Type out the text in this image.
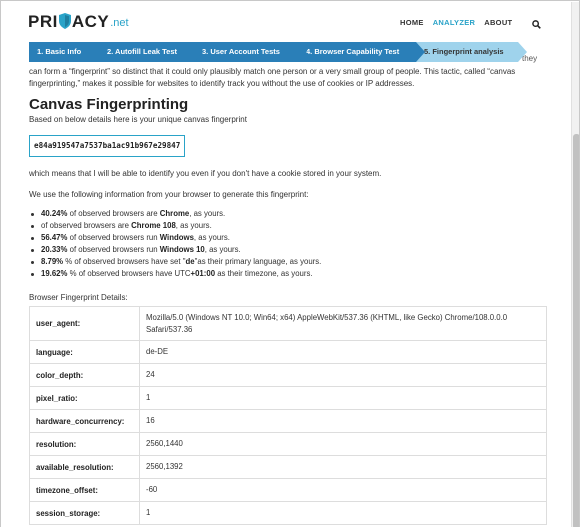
PRI ACY .net	HOME ANALYZER ABOUT
1. Basic Info	2. Autofill Leak Test	3. User Account Tests	4. Browser Capability Test	5. Fingerprint analysis
they
can form a “fingerprint” so distinct that it could only plausibly match one person or a very small group of people. This tactic, called “canvas fingerprinting,” makes it possible for websites to identify track you without the use of cookies or IP addresses.
Canvas Fingerprinting
Based on below details here is your unique canvas fingerprint
e84a919547a7537ba1ac91b967e29847
which means that I will be able to identify you even if you don't have a cookie stored in your system.
We use the following information from your browser to generate this fingerprint:
40.24% of observed browsers are Chrome, as yours.
of observed browsers are Chrome 108, as yours.
56.47% of observed browsers run Windows, as yours.
20.33% of observed browsers run Windows 10, as yours.
8.79% % of observed browsers have set "de"as their primary language, as yours.
19.62% % of observed browsers have UTC+01:00 as their timezone, as yours.
Browser Fingerprint Details:
user_agent:	Mozilla/5.0 (Windows NT 10.0; Win64; x64) AppleWebKit/537.36 (KHTML, like Gecko) Chrome/108.0.0.0 Safari/537.36
language:	de-DE
color_depth:	24
pixel_ratio:	1
hardware_concurrency:	16
resolution:	2560,1440
available_resolution:	2560,1392
timezone_offset:	-60
session_storage:	1
